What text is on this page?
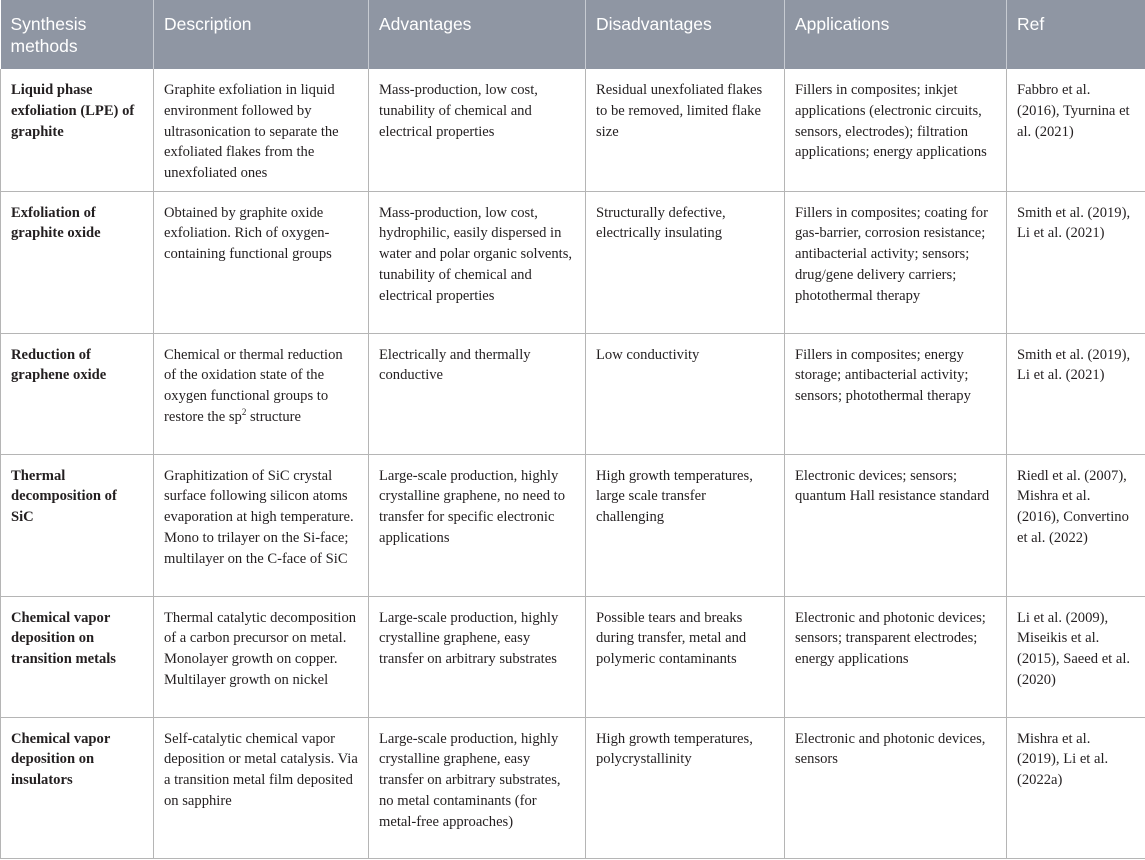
Synthesis methods	Description	Advantages	Disadvantages	Applications	Ref
Liquid phase exfoliation (LPE) of graphite	Graphite exfoliation in liquid environment followed by ultrasonication to separate the exfoliated flakes from the unexfoliated ones	Mass-production, low cost, tunability of chemical and electrical properties	Residual unexfoliated flakes to be removed, limited flake size	Fillers in composites; inkjet applications (electronic circuits, sensors, electrodes); filtration applications; energy applications	Fabbro et al. (2016), Tyurnina et al. (2021)
Exfoliation of graphite oxide	Obtained by graphite oxide exfoliation. Rich of oxygen-containing functional groups	Mass-production, low cost, hydrophilic, easily dispersed in water and polar organic solvents, tunability of chemical and electrical properties	Structurally defective, electrically insulating	Fillers in composites; coating for gas-barrier, corrosion resistance; antibacterial activity; sensors; drug/gene delivery carriers; photothermal therapy	Smith et al. (2019), Li et al. (2021)
Reduction of graphene oxide	Chemical or thermal reduction of the oxidation state of the oxygen functional groups to restore the $sp^2$ structure	Electrically and thermally conductive	Low conductivity	Fillers in composites; energy storage; antibacterial activity; sensors; photothermal therapy	Smith et al. (2019), Li et al. (2021)
Thermal decomposition of SiC	Graphitization of SiC crystal surface following silicon atoms evaporation at high temperature. Mono to trilayer on the Si-face; multilayer on the C-face of SiC	Large-scale production, highly crystalline graphene, no need to transfer for specific electronic applications	High growth temperatures, large scale transfer challenging	Electronic devices; sensors; quantum Hall resistance standard	Riedl et al. (2007), Mishra et al. (2016), Convertino et al. (2022)
Chemical vapor deposition on transition metals	Thermal catalytic decomposition of a carbon precursor on metal. Monolayer growth on copper. Multilayer growth on nickel	Large-scale production, highly crystalline graphene, easy transfer on arbitrary substrates	Possible tears and breaks during transfer, metal and polymeric contaminants	Electronic and photonic devices; sensors; transparent electrodes; energy applications	Li et al. (2009), Miseikis et al. (2015), Saeed et al. (2020)
Chemical vapor deposition on insulators	Self-catalytic chemical vapor deposition or metal catalysis. Via a transition metal film deposited on sapphire	Large-scale production, highly crystalline graphene, easy transfer on arbitrary substrates, no metal contaminants (for metal-free approaches)	High growth temperatures, polycrystallinity	Electronic and photonic devices, sensors	Mishra et al. (2019), Li et al. (2022a)
